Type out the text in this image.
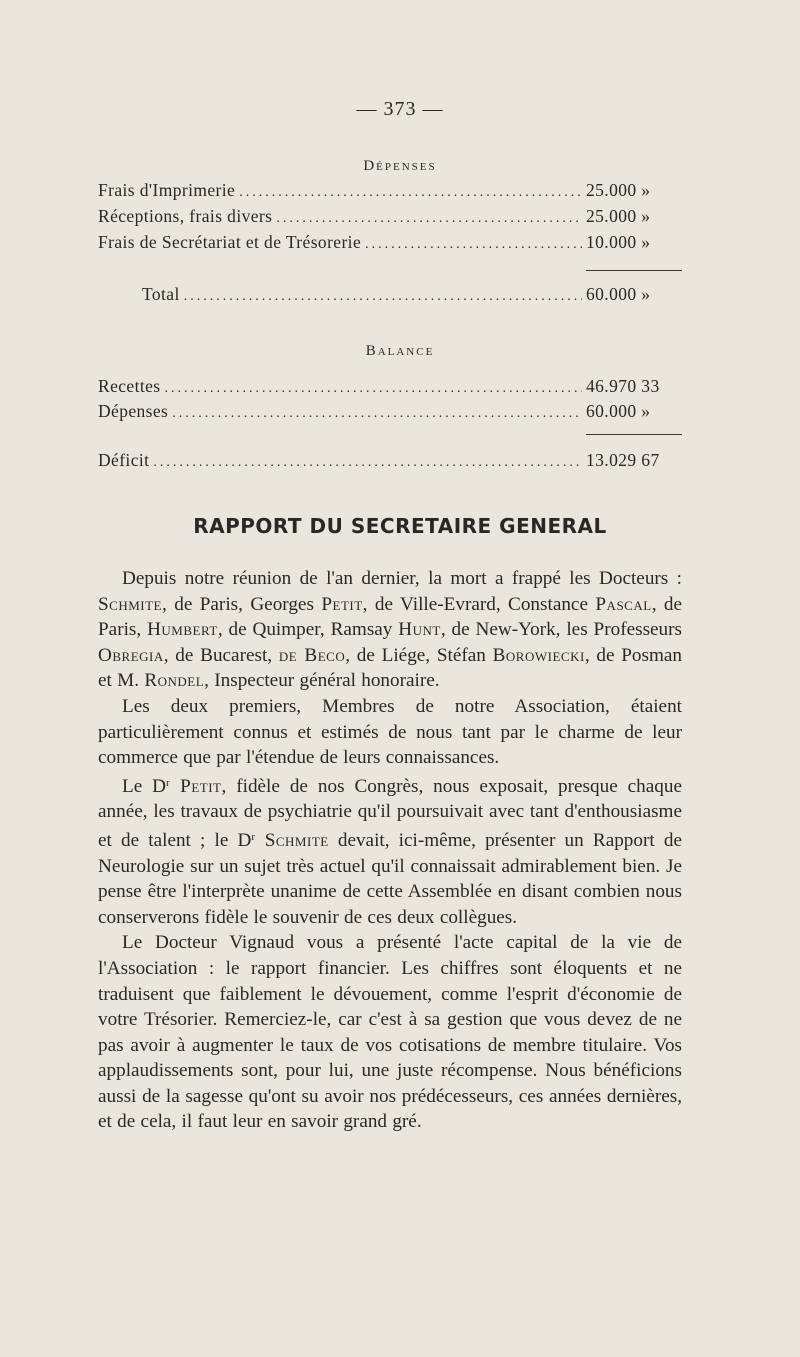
— 373 —
Dépenses
Frais d'Imprimerie .....	25.000 »
Réceptions, frais divers .....	25.000 »
Frais de Secrétariat et de Trésorerie .....	10.000 »
Total .....	60.000 »
Balance
Recettes .....	46.970 33
Dépenses .....	60.000 »
Déficit .....	13.029 67
RAPPORT DU SECRETAIRE GENERAL

Depuis notre réunion de l'an dernier, la mort a frappé les Docteurs : Schmite, de Paris, Georges Petit, de Ville-Evrard, Constance Pascal, de Paris, Humbert, de Quimper, Ramsay Hunt, de New-York, les Professeurs Obregia, de Bucarest, de Beco, de Liége, Stéfan Borowiecki, de Posman et M. Rondel, Inspecteur général honoraire.

Les deux premiers, Membres de notre Association, étaient particulièrement connus et estimés de nous tant par le charme de leur commerce que par l'étendue de leurs connaissances.

Le $D^r$ Petit, fidèle de nos Congrès, nous exposait, presque chaque année, les travaux de psychiatrie qu'il poursuivait avec tant d'enthousiasme et de talent ; le $D^r$ Schmite devait, ici-même, présenter un Rapport de Neurologie sur un sujet très actuel qu'il connaissait admirablement bien. Je pense être l'interprète unanime de cette Assemblée en disant combien nous conserverons fidèle le souvenir de ces deux collègues.

Le Docteur Vignaud vous a présenté l'acte capital de la vie de l'Association : le rapport financier. Les chiffres sont éloquents et ne traduisent que faiblement le dévouement, comme l'esprit d'économie de votre Trésorier. Remerciez-le, car c'est à sa gestion que vous devez de ne pas avoir à augmenter le taux de vos cotisations de membre titulaire. Vos applaudissements sont, pour lui, une juste récompense. Nous bénéficions aussi de la sagesse qu'ont su avoir nos prédécesseurs, ces années dernières, et de cela, il faut leur en savoir grand gré.
